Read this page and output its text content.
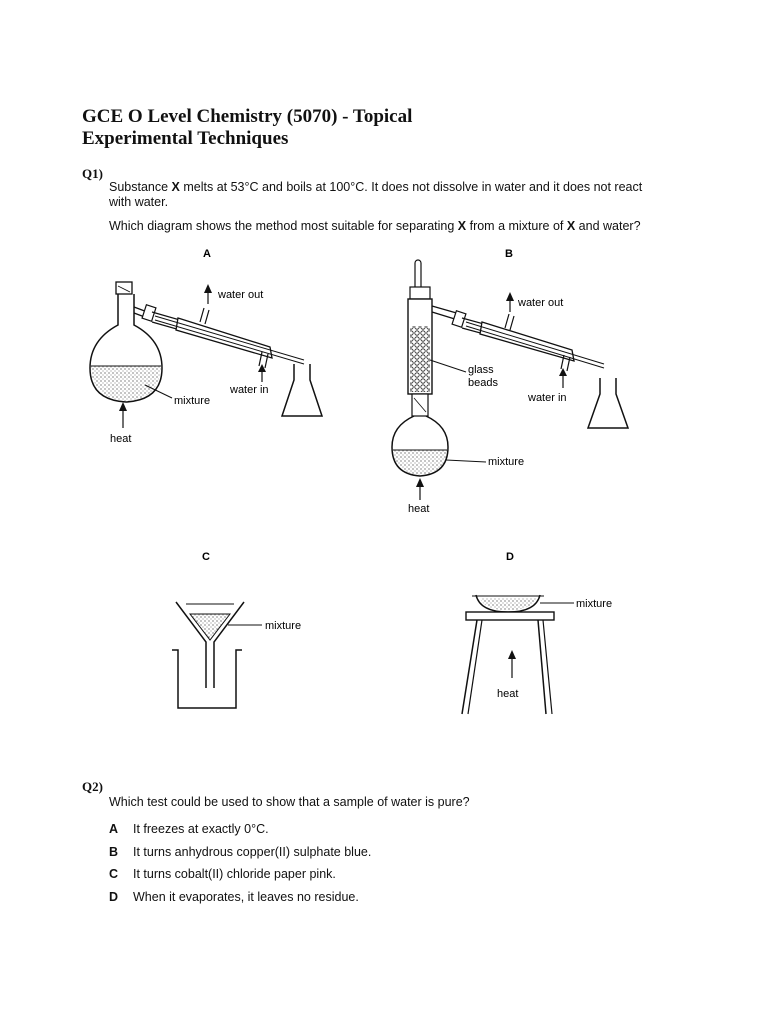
GCE O Level Chemistry (5070) - Topical
Experimental Techniques
Q1)
Substance X melts at 53°C and boils at 100°C. It does not dissolve in water and it does not react
with water.
Which diagram shows the method most suitable for separating X from a mixture of X and water?
A
water out
water in
mixture
heat
B
water out
water in
glass
beads
mixture
heat
C
mixture
D
mixture
heat
Q2)
Which test could be used to show that a sample of water is pure?
A It freezes at exactly 0°C.
B It turns anhydrous copper(II) sulphate blue.
C It turns cobalt(II) chloride paper pink.
D When it evaporates, it leaves no residue.
